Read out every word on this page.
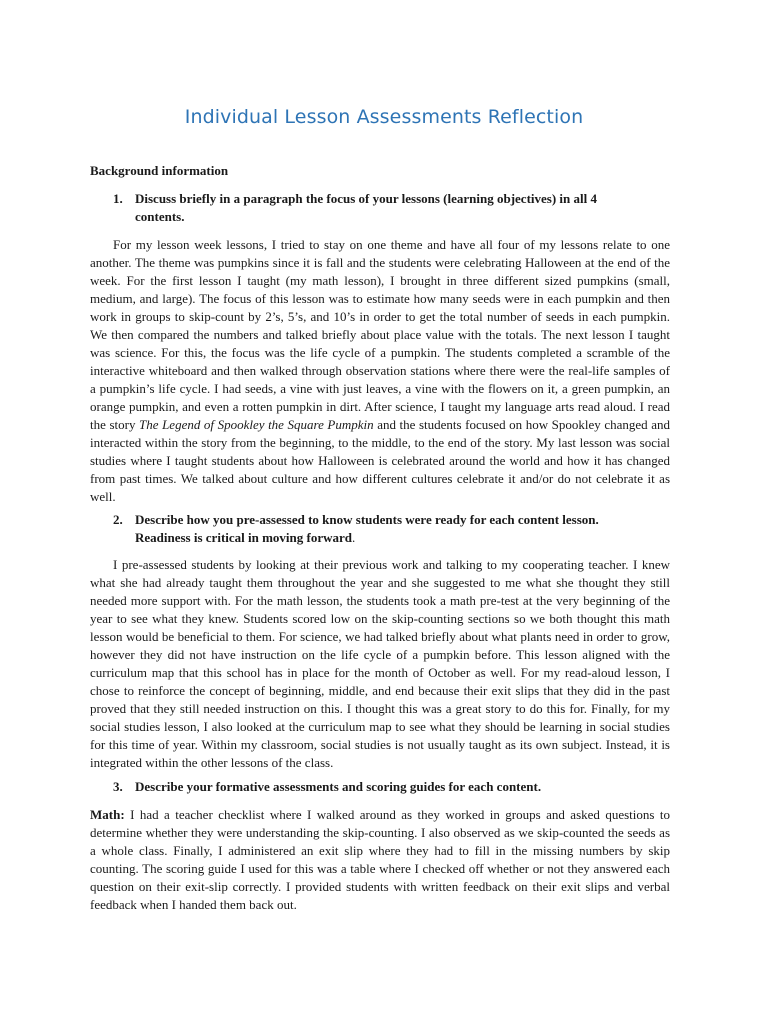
Individual Lesson Assessments Reflection
Background information
1. Discuss briefly in a paragraph the focus of your lessons (learning objectives) in all 4
contents.

For my lesson week lessons, I tried to stay on one theme and have all four of my lessons relate to one another. The theme was pumpkins since it is fall and the students were celebrating Halloween at the end of the week. For the first lesson I taught (my math lesson), I brought in three different sized pumpkins (small, medium, and large). The focus of this lesson was to estimate how many seeds were in each pumpkin and then work in groups to skip-count by 2’s, 5’s, and 10’s in order to get the total number of seeds in each pumpkin. We then compared the numbers and talked briefly about place value with the totals. The next lesson I taught was science. For this, the focus was the life cycle of a pumpkin. The students completed a scramble of the interactive whiteboard and then walked through observation stations where there were the real-life samples of a pumpkin’s life cycle. I had seeds, a vine with just leaves, a vine with the flowers on it, a green pumpkin, an orange pumpkin, and even a rotten pumpkin in dirt. After science, I taught my language arts read aloud. I read the story The Legend of Spookley the Square Pumpkin and the students focused on how Spookley changed and interacted within the story from the beginning, to the middle, to the end of the story. My last lesson was social studies where I taught students about how Halloween is celebrated around the world and how it has changed from past times. We talked about culture and how different cultures celebrate it and/or do not celebrate it as well.

2. Describe how you pre-assessed to know students were ready for each content lesson.
Readiness is critical in moving forward.

I pre-assessed students by looking at their previous work and talking to my cooperating teacher. I knew what she had already taught them throughout the year and she suggested to me what she thought they still needed more support with. For the math lesson, the students took a math pre-test at the very beginning of the year to see what they knew. Students scored low on the skip-counting sections so we both thought this math lesson would be beneficial to them. For science, we had talked briefly about what plants need in order to grow, however they did not have instruction on the life cycle of a pumpkin before. This lesson aligned with the curriculum map that this school has in place for the month of October as well. For my read-aloud lesson, I chose to reinforce the concept of beginning, middle, and end because their exit slips that they did in the past proved that they still needed instruction on this. I thought this was a great story to do this for. Finally, for my social studies lesson, I also looked at the curriculum map to see what they should be learning in social studies for this time of year. Within my classroom, social studies is not usually taught as its own subject. Instead, it is integrated within the other lessons of the class.

3. Describe your formative assessments and scoring guides for each content.

Math: I had a teacher checklist where I walked around as they worked in groups and asked questions to determine whether they were understanding the skip-counting. I also observed as we skip-counted the seeds as a whole class. Finally, I administered an exit slip where they had to fill in the missing numbers by skip counting. The scoring guide I used for this was a table where I checked off whether or not they answered each question on their exit-slip correctly. I provided students with written feedback on their exit slips and verbal feedback when I handed them back out.
